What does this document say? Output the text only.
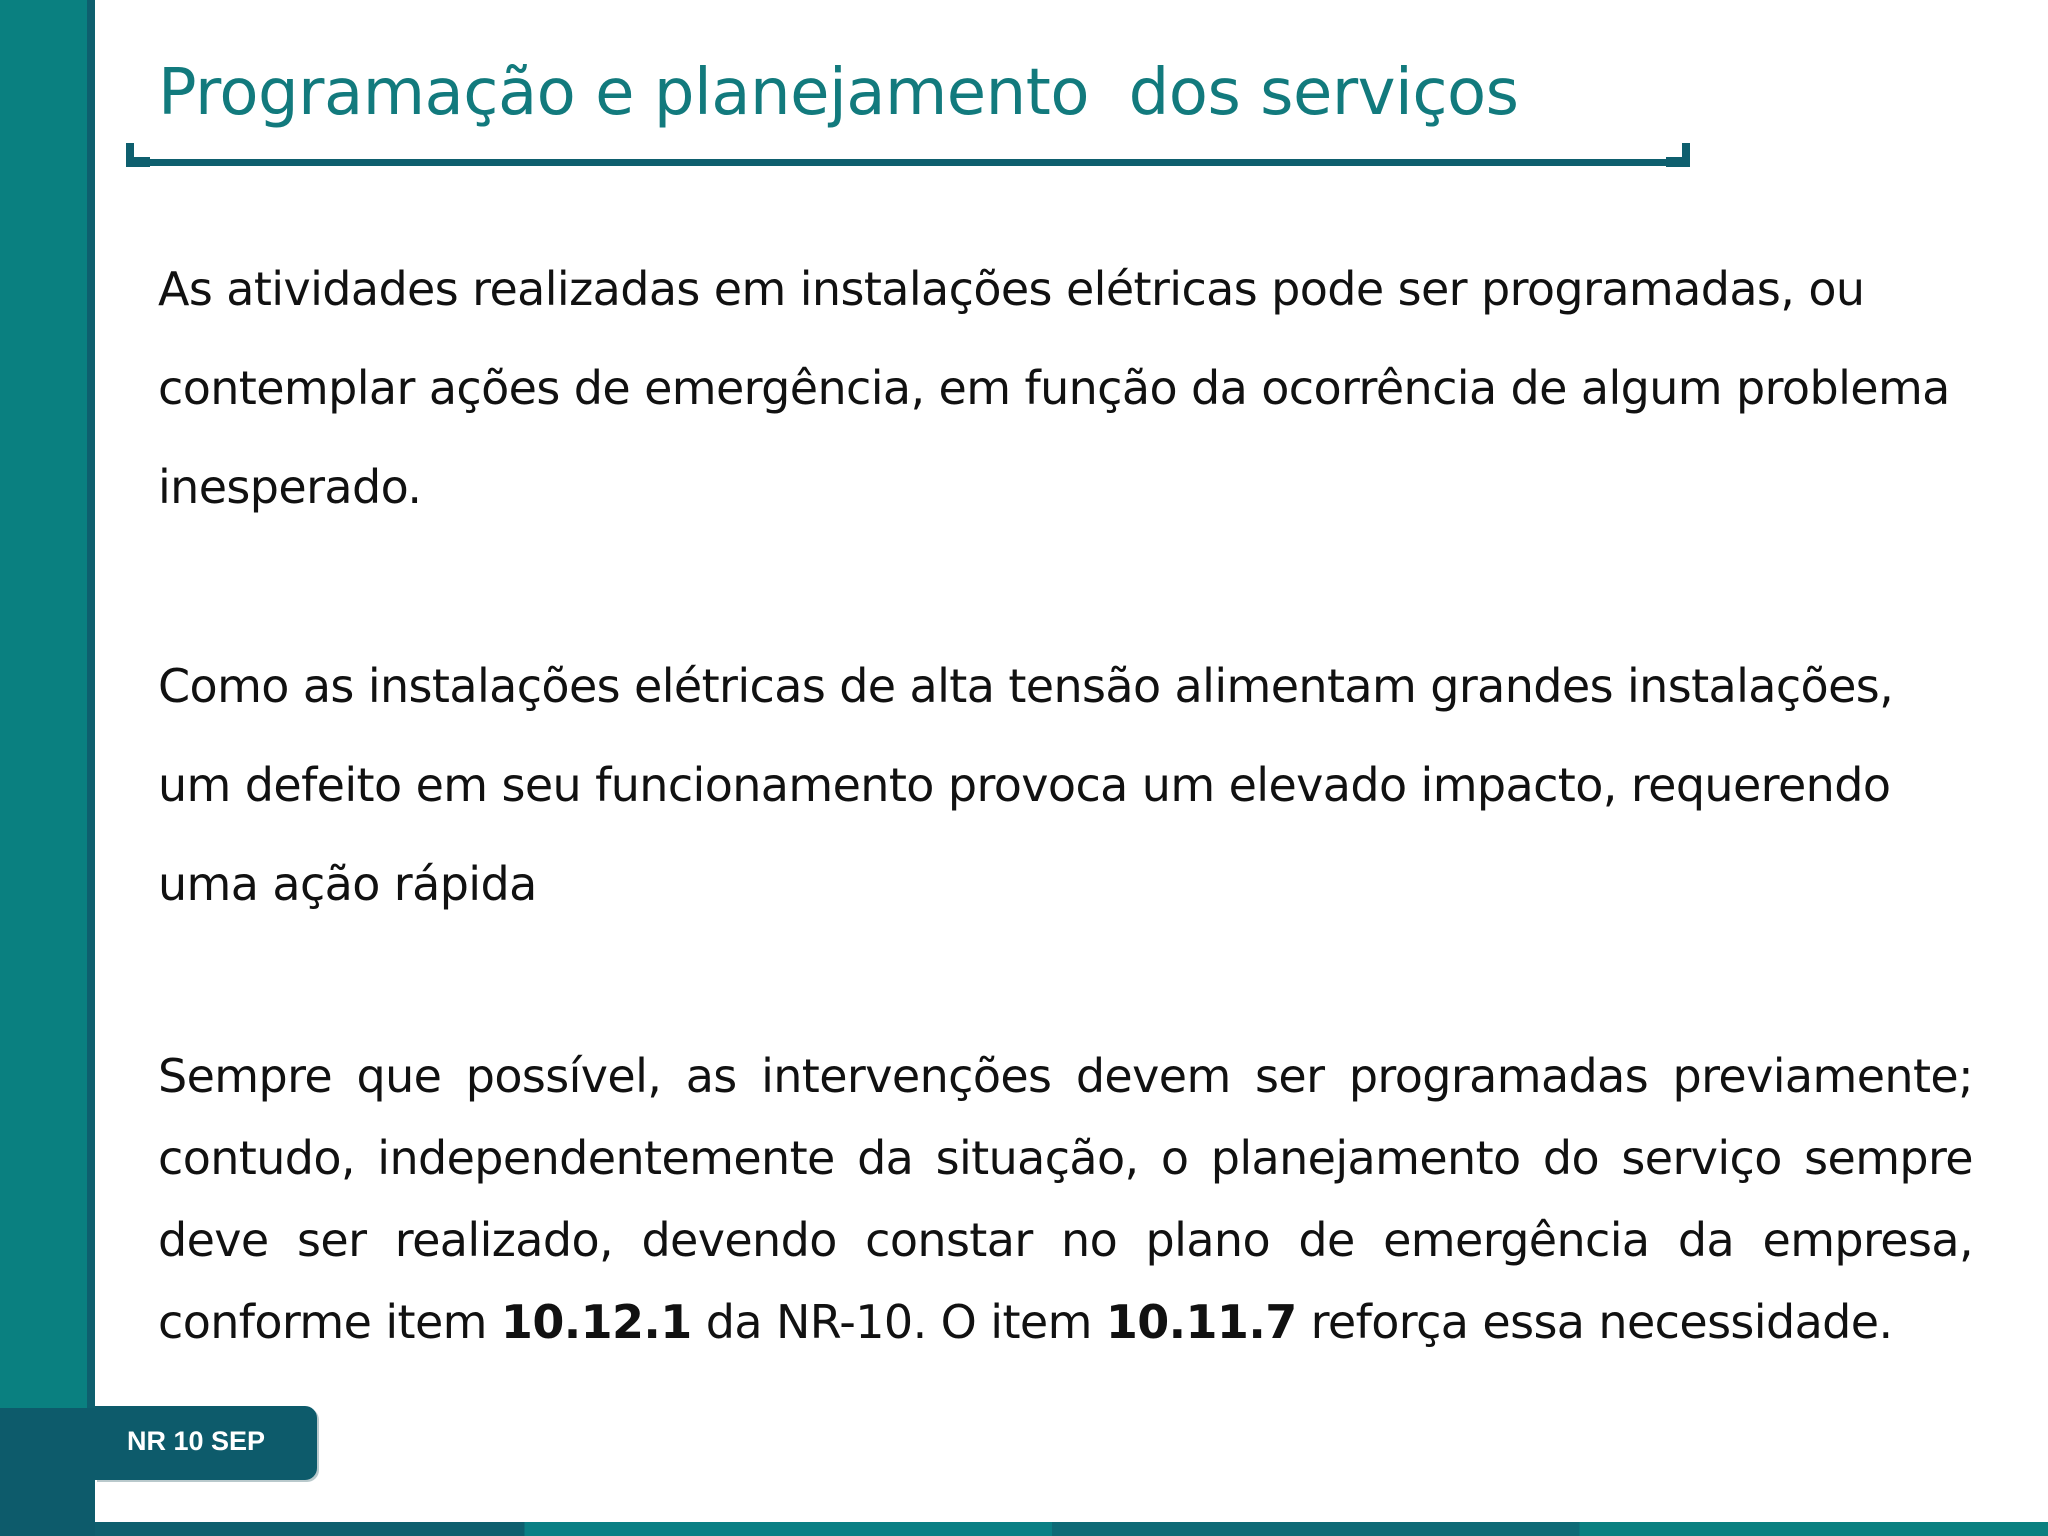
Programação e planejamento  dos serviços
As atividades realizadas em instalações elétricas pode ser programadas, ou contemplar ações de emergência, em função da ocorrência de algum problema inesperado.
Como as instalações elétricas de alta tensão alimentam grandes instalações, um defeito em seu funcionamento provoca um elevado impacto, requerendo uma ação rápida
Sempre que possível, as intervenções devem ser programadas previamente; contudo, independentemente da situação, o planejamento do serviço sempre deve ser realizado, devendo constar no plano de emergência da empresa, conforme item 10.12.1 da NR-10. O item 10.11.7 reforça essa necessidade.
NR 10 SEP
